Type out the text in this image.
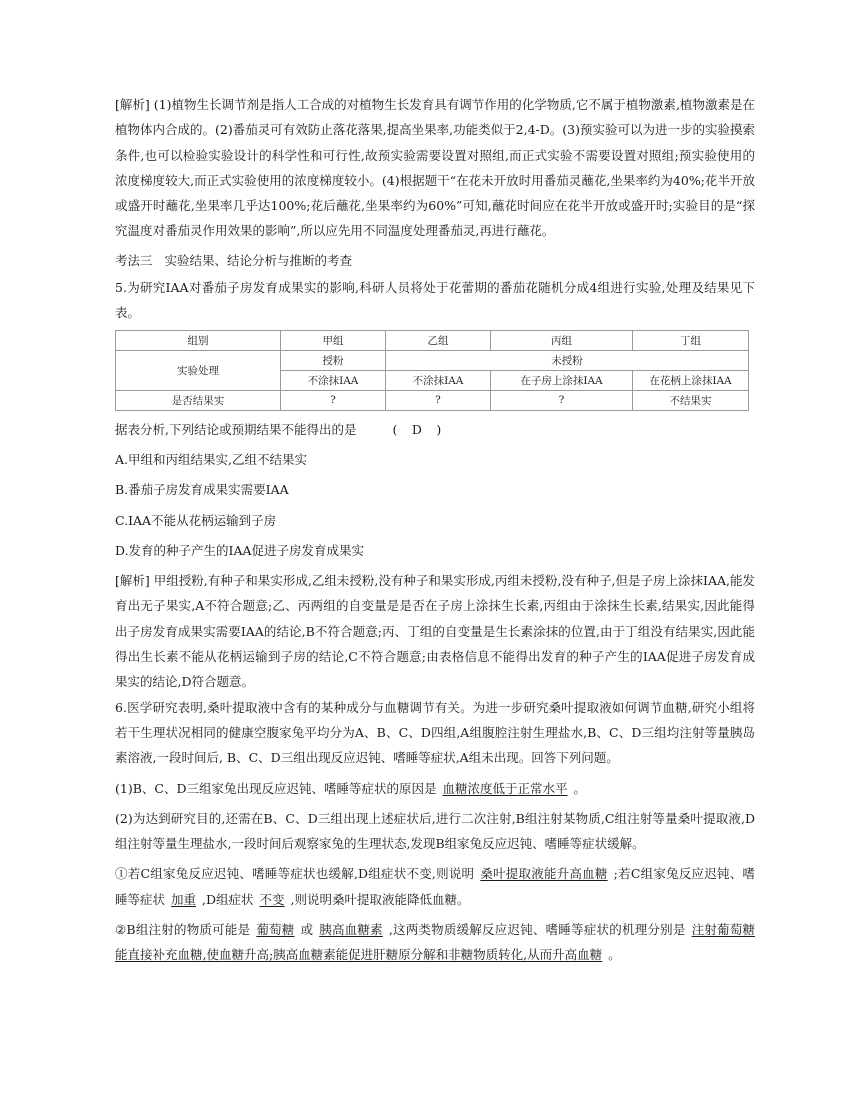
[解析] (1)植物生长调节剂是指人工合成的对植物生长发育具有调节作用的化学物质,它不属于植物激素,植物激素是在植物体内合成的。(2)番茄灵可有效防止落花落果,提高坐果率,功能类似于2,4-D。(3)预实验可以为进一步的实验摸索条件,也可以检验实验设计的科学性和可行性,故预实验需要设置对照组,而正式实验不需要设置对照组;预实验使用的浓度梯度较大,而正式实验使用的浓度梯度较小。(4)根据题干“在花未开放时用番茄灵蘸花,坐果率约为40%;花半开放或盛开时蘸花,坐果率几乎达100%;花后蘸花,坐果率约为60%”可知,蘸花时间应在花半开放或盛开时;实验目的是“探究温度对番茄灵作用效果的影响”,所以应先用不同温度处理番茄灵,再进行蘸花。

考法三 实验结果、结论分析与推断的考查

5.为研究IAA对番茄子房发育成果实的影响,科研人员将处于花蕾期的番茄花随机分成4组进行实验,处理及结果见下表。

组别	甲组	乙组	丙组	丁组
实验处理	授粉	未授粉		
	不涂抹IAA	不涂抹IAA	在子房上涂抹IAA	在花柄上涂抹IAA
是否结果实	?	?	?	不结果实

据表分析,下列结论或预期结果不能得出的是	(　D　)

A.甲组和丙组结果实,乙组不结果实

B.番茄子房发育成果实需要IAA

C.IAA不能从花柄运输到子房

D.发育的种子产生的IAA促进子房发育成果实

[解析] 甲组授粉,有种子和果实形成,乙组未授粉,没有种子和果实形成,丙组未授粉,没有种子,但是子房上涂抹IAA,能发育出无子果实,A不符合题意;乙、丙两组的自变量是是否在子房上涂抹生长素,丙组由于涂抹生长素,结果实,因此能得出子房发育成果实需要IAA的结论,B不符合题意;丙、丁组的自变量是生长素涂抹的位置,由于丁组没有结果实,因此能得出生长素不能从花柄运输到子房的结论,C不符合题意;由表格信息不能得出发育的种子产生的IAA促进子房发育成果实的结论,D符合题意。

6.医学研究表明,桑叶提取液中含有的某种成分与血糖调节有关。为进一步研究桑叶提取液如何调节血糖,研究小组将若干生理状况相同的健康空腹家兔平均分为A、B、C、D四组,A组腹腔注射生理盐水,B、C、D三组均注射等量胰岛素溶液,一段时间后, B、C、D三组出现反应迟钝、嗜睡等症状,A组未出现。回答下列问题。

(1)B、C、D三组家兔出现反应迟钝、嗜睡等症状的原因是 血糖浓度低于正常水平 。

(2)为达到研究目的,还需在B、C、D三组出现上述症状后,进行二次注射,B组注射某物质,C组注射等量桑叶提取液,D组注射等量生理盐水,一段时间后观察家兔的生理状态,发现B组家兔反应迟钝、嗜睡等症状缓解。

①若C组家兔反应迟钝、嗜睡等症状也缓解,D组症状不变,则说明 桑叶提取液能升高血糖 ;若C组家兔反应迟钝、嗜睡等症状 加重 ,D组症状 不变 ,则说明桑叶提取液能降低血糖。

②B组注射的物质可能是 葡萄糖 或 胰高血糖素 ,这两类物质缓解反应迟钝、嗜睡等症状的机理分别是 注射葡萄糖能直接补充血糖,使血糖升高;胰高血糖素能促进肝糖原分解和非糖物质转化,从而升高血糖 。
